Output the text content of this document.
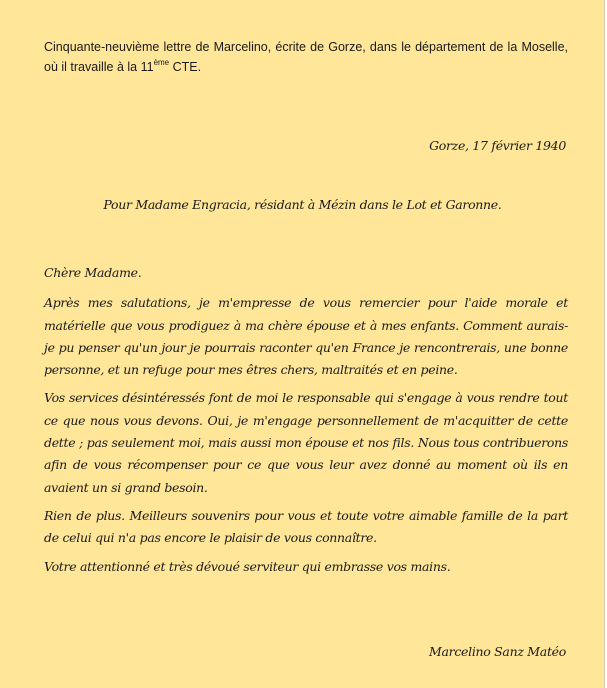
Cinquante-neuvième lettre de Marcelino, écrite de Gorze, dans le département de la Moselle, où il travaille à la 11ème CTE.
Gorze, 17 février 1940
Pour Madame Engracia, résidant à Mézin dans le Lot et Garonne.

Chère Madame.

Après mes salutations, je m'empresse de vous remercier pour l'aide morale et matérielle que vous prodiguez à ma chère épouse et à mes enfants. Comment aurais-je pu penser qu'un jour je pourrais raconter qu'en France je rencontrerais, une bonne personne, et un refuge pour mes êtres chers, maltraités et en peine.

Vos services désintéressés font de moi le responsable qui s'engage à vous rendre tout ce que nous vous devons. Oui, je m'engage personnellement de m'acquitter de cette dette ; pas seulement moi, mais aussi mon épouse et nos fils. Nous tous contribuerons afin de vous récompenser pour ce que vous leur avez donné au moment où ils en avaient un si grand besoin.

Rien de plus. Meilleurs souvenirs pour vous et toute votre aimable famille de la part de celui qui n'a pas encore le plaisir de vous connaître.

Votre attentionné et très dévoué serviteur qui embrasse vos mains.

Marcelino Sanz Matéo
